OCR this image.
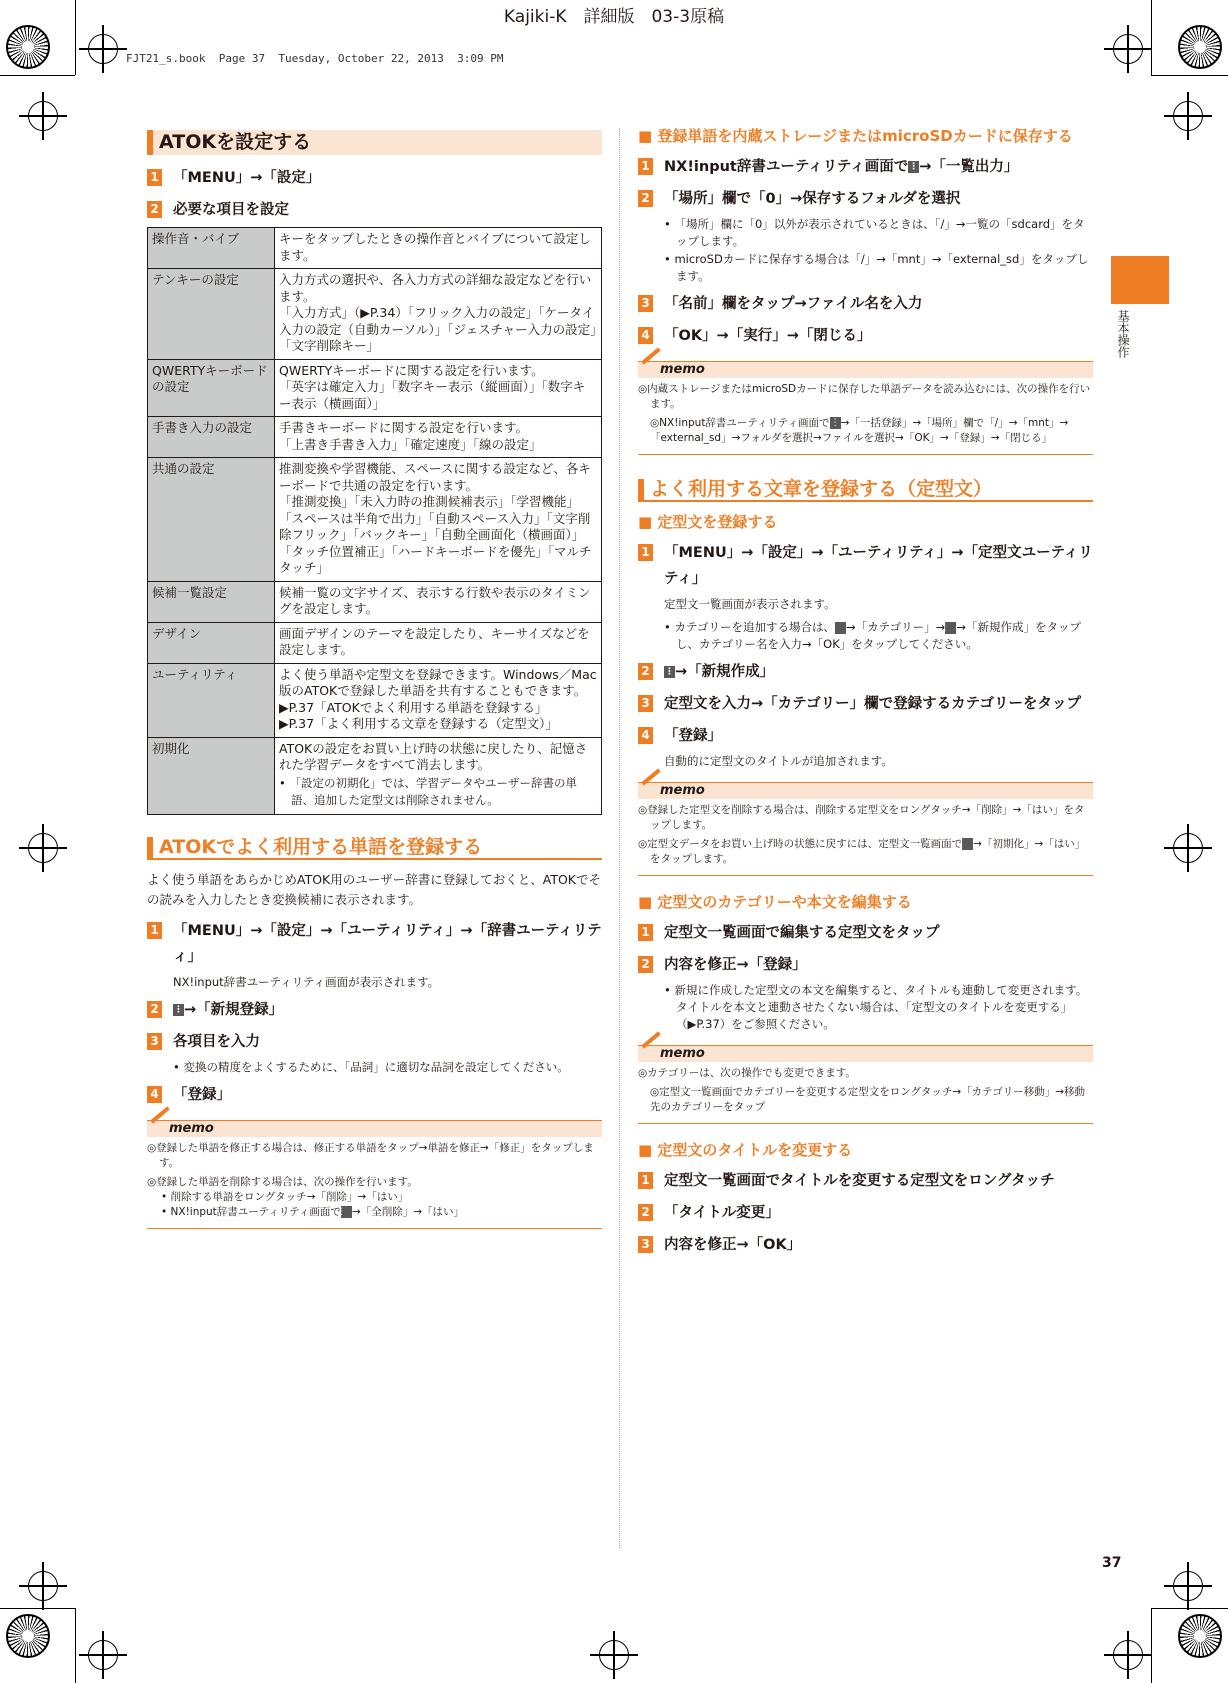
Kajiki-K　詳細版　03-3原稿
FJT21_s.book  Page 37  Tuesday, October 22, 2013  3:09 PM
基本操作
37
ATOKを設定する
1 「MENU」→「設定」
2 必要な項目を設定
操作音・バイブ	キーをタップしたときの操作音とバイブについて設定します。
テンキーの設定	入力方式の選択や、各入力方式の詳細な設定などを行います。
「入力方式」（▶P.34）「フリック入力の設定」「ケータイ入力の設定（自動カーソル）」「ジェスチャー入力の設定」「文字削除キー」
QWERTYキーボードの設定	QWERTYキーボードに関する設定を行います。
「英字は確定入力」「数字キー表示（縦画面）」「数字キー表示（横画面）」
手書き入力の設定	手書きキーボードに関する設定を行います。
「上書き手書き入力」「確定速度」「線の設定」
共通の設定	推測変換や学習機能、スペースに関する設定など、各キーボードで共通の設定を行います。
「推測変換」「未入力時の推測候補表示」「学習機能」「スペースは半角で出力」「自動スペース入力」「文字削除フリック」「バックキー」「自動全画面化（横画面）」「タッチ位置補正」「ハードキーボードを優先」「マルチタッチ」
候補一覧設定	候補一覧の文字サイズ、表示する行数や表示のタイミングを設定します。
デザイン	画面デザインのテーマを設定したり、キーサイズなどを設定します。
ユーティリティ	よく使う単語や定型文を登録できます。Windows／Mac版のATOKで登録した単語を共有することもできます。
▶P.37「ATOKでよく利用する単語を登録する」
▶P.37「よく利用する文章を登録する（定型文）」
初期化	ATOKの設定をお買い上げ時の状態に戻したり、記憶された学習データをすべて消去します。
• 「設定の初期化」では、学習データやユーザー辞書の単語、追加した定型文は削除されません。
ATOKでよく利用する単語を登録する
よく使う単語をあらかじめATOK用のユーザー辞書に登録しておくと、ATOKでその読みを入力したとき変換候補に表示されます。
1 「MENU」→「設定」→「ユーティリティ」→「辞書ユーティリティ」
NX!input辞書ユーティリティ画面が表示されます。
2 ⋮ →「新規登録」
3 各項目を入力
• 変換の精度をよくするために、「品詞」に適切な品詞を設定してください。
4 「登録」
memo
◎ 登録した単語を修正する場合は、修正する単語をタップ→単語を修正→「修正」をタップします。
◎ 登録した単語を削除する場合は、次の操作を行います。
• 削除する単語をロングタッチ→「削除」→「はい」
• NX!input辞書ユーティリティ画面で ⋮ →「全削除」→「はい」
■ 登録単語を内蔵ストレージまたはmicroSDカードに保存する
1 NX!input辞書ユーティリティ画面で ⋮ →「一覧出力」
2 「場所」欄で「0」→保存するフォルダを選択
• 「場所」欄に「0」以外が表示されているときは、「/」→一覧の「sdcard」をタップします。
• microSDカードに保存する場合は「/」→「mnt」→「external_sd」をタップします。
3 「名前」欄をタップ→ファイル名を入力
4 「OK」→「実行」→「閉じる」
memo
◎ 内蔵ストレージまたはmicroSDカードに保存した単語データを読み込むには、次の操作を行います。
◎ NX!input辞書ユーティリティ画面で ⋮ →「一括登録」→「場所」欄で「/」→「mnt」→「external_sd」→フォルダを選択→ファイルを選択→「OK」→「登録」→「閉じる」
よく利用する文章を登録する（定型文）
■ 定型文を登録する
1 「MENU」→「設定」→「ユーティリティ」→「定型文ユーティリティ」
定型文一覧画面が表示されます。
• カテゴリーを追加する場合は、 ⋮ →「カテゴリー」→ ⋮ →「新規作成」をタップし、カテゴリー名を入力→「OK」をタップしてください。
2 ⋮ →「新規作成」
3 定型文を入力→「カテゴリー」欄で登録するカテゴリーをタップ
4 「登録」
自動的に定型文のタイトルが追加されます。
memo
◎ 登録した定型文を削除する場合は、削除する定型文をロングタッチ→「削除」→「はい」をタップします。
◎ 定型文データをお買い上げ時の状態に戻すには、定型文一覧画面で ⋮ →「初期化」→「はい」をタップします。
■ 定型文のカテゴリーや本文を編集する
1 定型文一覧画面で編集する定型文をタップ
2 内容を修正→「登録」
• 新規に作成した定型文の本文を編集すると、タイトルも連動して変更されます。タイトルを本文と連動させたくない場合は、「定型文のタイトルを変更する」（▶P.37）をご参照ください。
memo
◎ カテゴリーは、次の操作でも変更できます。
◎ 定型文一覧画面でカテゴリーを変更する定型文をロングタッチ→「カテゴリー移動」→移動先のカテゴリーをタップ
■ 定型文のタイトルを変更する
1 定型文一覧画面でタイトルを変更する定型文をロングタッチ
2 「タイトル変更」
3 内容を修正→「OK」
